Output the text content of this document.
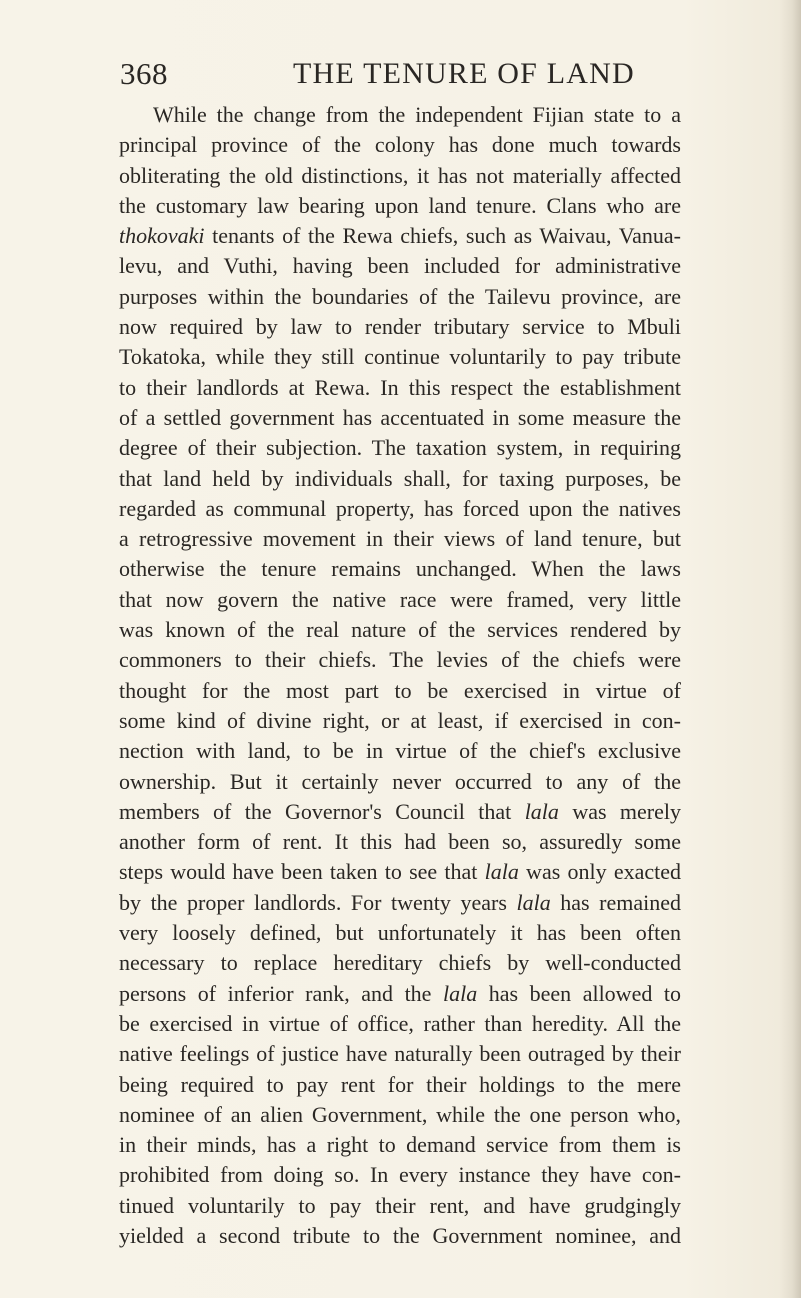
368	THE TENURE OF LAND
While the change from the independent Fijian state to a
principal province of the colony has done much towards
obliterating the old distinctions, it has not materially affected
the customary law bearing upon land tenure. Clans who are
thokovaki tenants of the Rewa chiefs, such as Waivau, Vanua-
levu, and Vuthi, having been included for administrative
purposes within the boundaries of the Tailevu province, are
now required by law to render tributary service to Mbuli
Tokatoka, while they still continue voluntarily to pay tribute
to their landlords at Rewa. In this respect the establishment
of a settled government has accentuated in some measure the
degree of their subjection. The taxation system, in requiring
that land held by individuals shall, for taxing purposes, be
regarded as communal property, has forced upon the natives
a retrogressive movement in their views of land tenure, but
otherwise the tenure remains unchanged. When the laws
that now govern the native race were framed, very little
was known of the real nature of the services rendered by
commoners to their chiefs. The levies of the chiefs were
thought for the most part to be exercised in virtue of
some kind of divine right, or at least, if exercised in con-
nection with land, to be in virtue of the chief's exclusive
ownership. But it certainly never occurred to any of the
members of the Governor's Council that lala was merely
another form of rent. It this had been so, assuredly some
steps would have been taken to see that lala was only exacted
by the proper landlords. For twenty years lala has remained
very loosely defined, but unfortunately it has been often
necessary to replace hereditary chiefs by well-conducted
persons of inferior rank, and the lala has been allowed to
be exercised in virtue of office, rather than heredity. All the
native feelings of justice have naturally been outraged by their
being required to pay rent for their holdings to the mere
nominee of an alien Government, while the one person who,
in their minds, has a right to demand service from them is
prohibited from doing so. In every instance they have con-
tinued voluntarily to pay their rent, and have grudgingly
yielded a second tribute to the Government nominee, and
